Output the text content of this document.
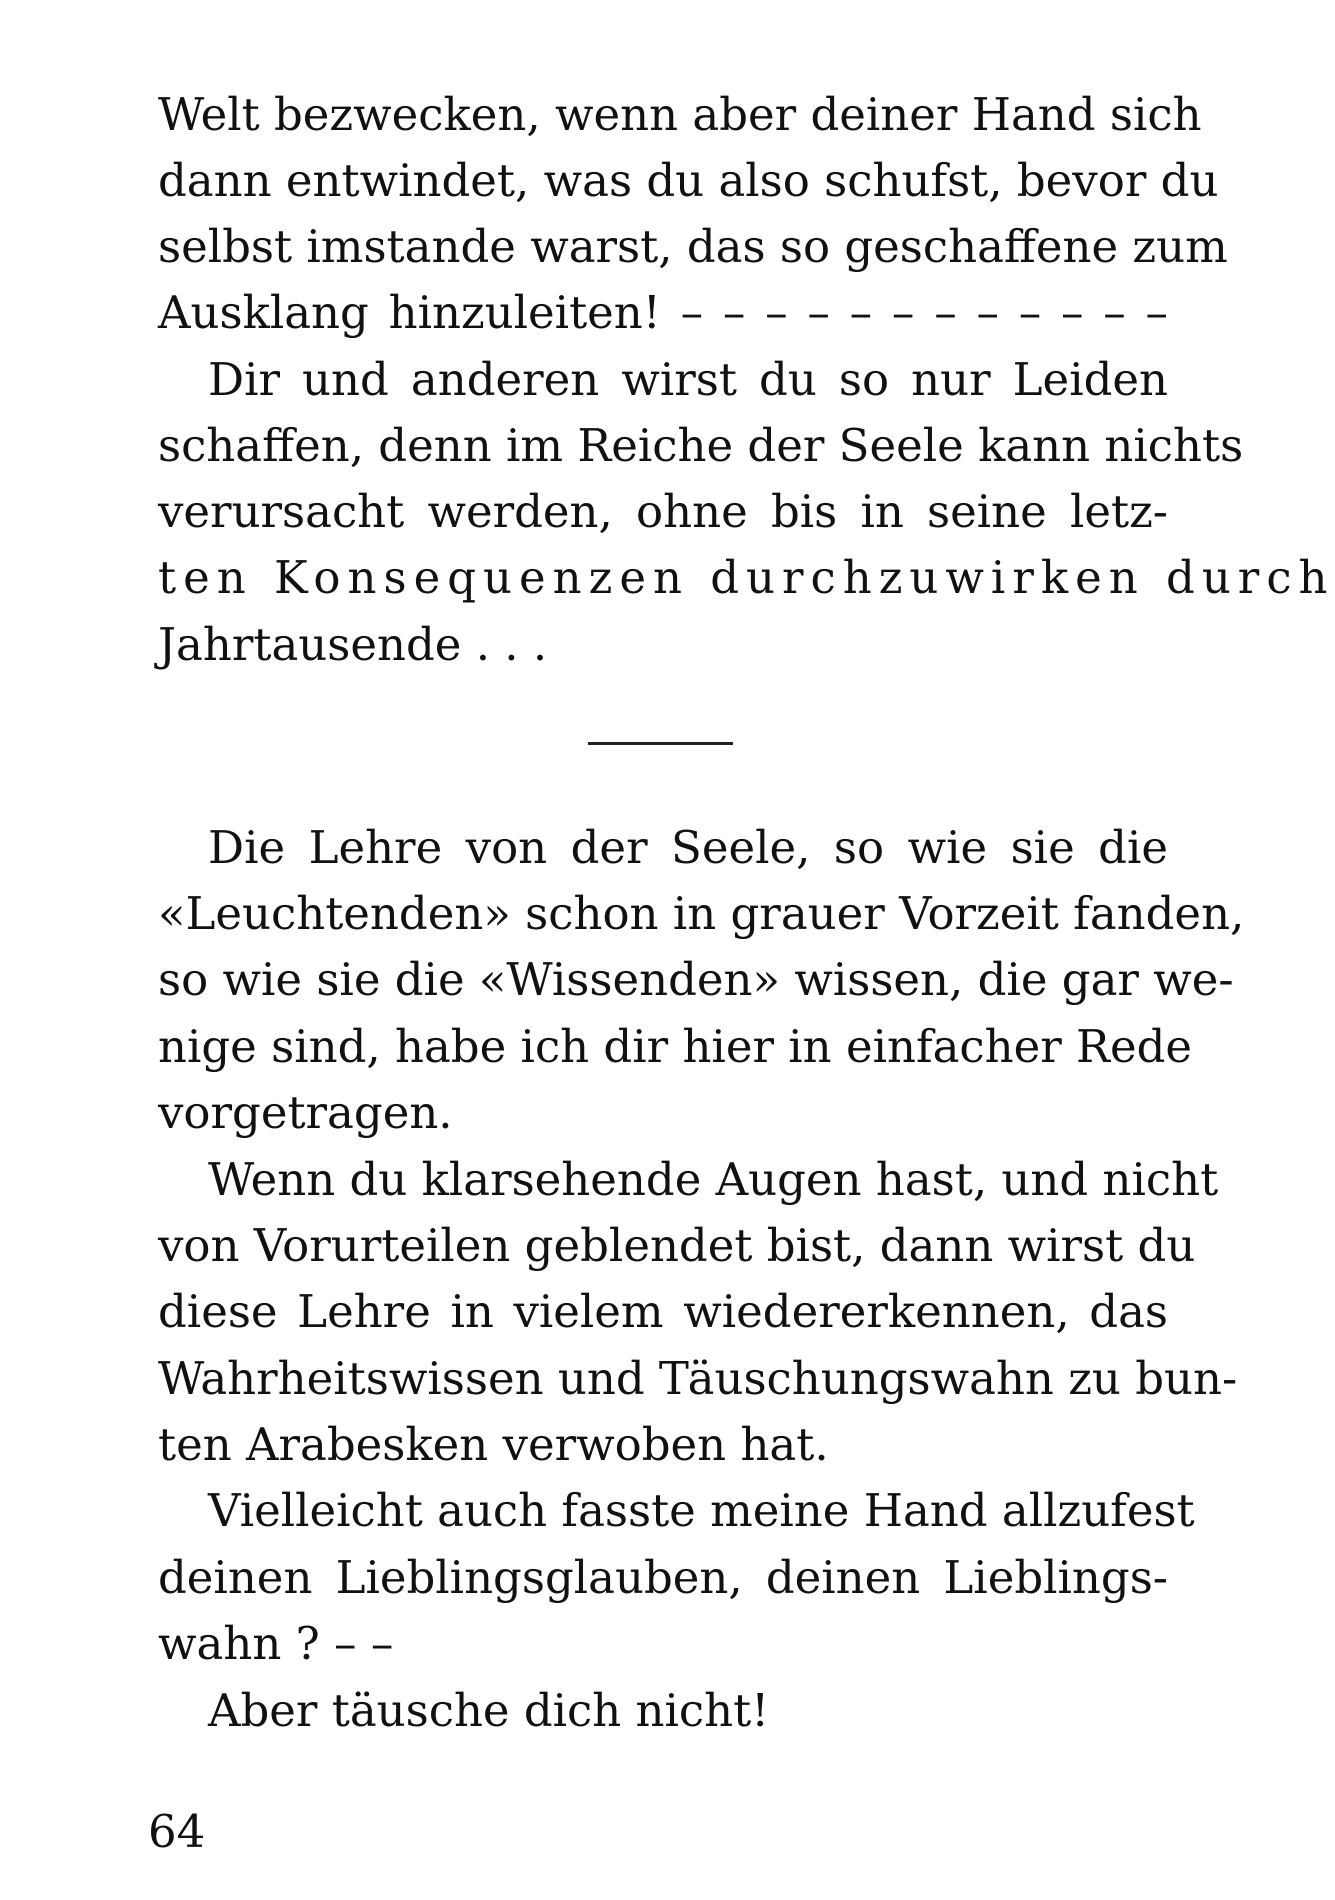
Welt bezwecken, wenn aber deiner Hand sich
dann entwindet, was du also schufst, bevor du
selbst imstande warst, das so geschaffene zum
Ausklang hinzuleiten! – – – – – – – – – – – –
Dir und anderen wirst du so nur Leiden
schaffen, denn im Reiche der Seele kann nichts
verursacht werden, ohne bis in seine letz-
ten Konsequenzen durchzuwirken durch
Jahrtausende . . .
Die Lehre von der Seele, so wie sie die
«Leuchtenden» schon in grauer Vorzeit fanden,
so wie sie die «Wissenden» wissen, die gar we-
nige sind, habe ich dir hier in einfacher Rede
vorgetragen.
Wenn du klarsehende Augen hast, und nicht
von Vorurteilen geblendet bist, dann wirst du
diese Lehre in vielem wiedererkennen, das
Wahrheitswissen und Täuschungswahn zu bun-
ten Arabesken verwoben hat.
Vielleicht auch fasste meine Hand allzufest
deinen Lieblingsglauben, deinen Lieblings-
wahn ? – –
Aber täusche dich nicht!
64
